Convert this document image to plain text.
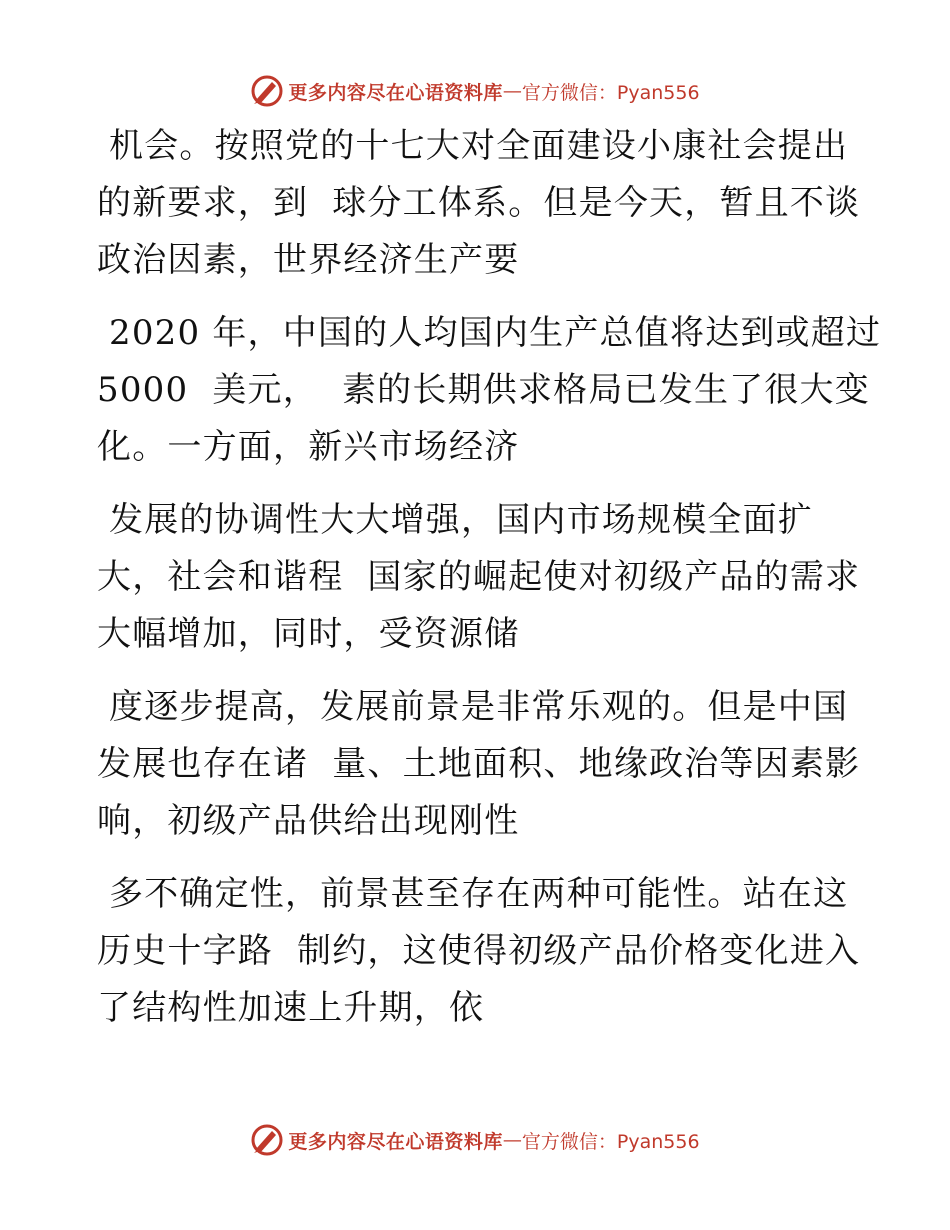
更多内容尽在心语资料库 — 官方微信：Pyan556
机会。按照党的十七大对全面建设小康社会提出
的新要求，到  球分工体系。但是今天，暂且不谈
政治因素，世界经济生产要
2020 年，中国的人均国内生产总值将达到或超过
5000  美元，  素的长期供求格局已发生了很大变
化。一方面，新兴市场经济
发展的协调性大大增强，国内市场规模全面扩
大，社会和谐程  国家的崛起使对初级产品的需求
大幅增加，同时，受资源储
度逐步提高，发展前景是非常乐观的。但是中国
发展也存在诸  量、土地面积、地缘政治等因素影
响，初级产品供给出现刚性
多不确定性，前景甚至存在两种可能性。站在这
历史十字路  制约，这使得初级产品价格变化进入
了结构性加速上升期，依
更多内容尽在心语资料库 — 官方微信：Pyan556
